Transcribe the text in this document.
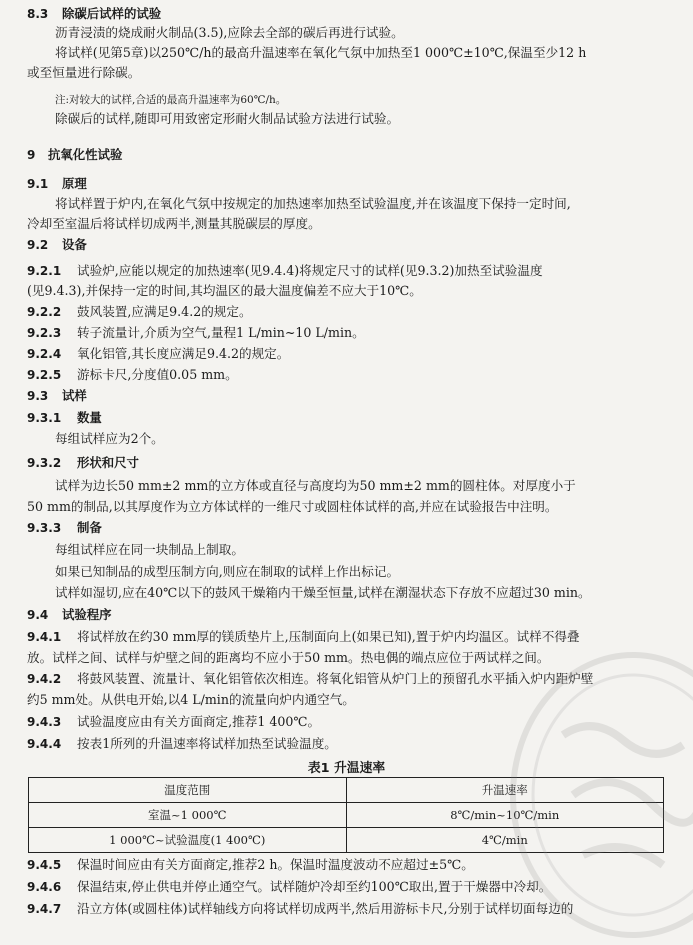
8.3 除碳后试样的试验
沥青浸渍的烧成耐火制品(3.5),应除去全部的碳后再进行试验。
将试样(见第5章)以250℃/h的最高升温速率在氧化气氛中加热至1 000℃±10℃,保温至少12 h
或至恒量进行除碳。
注:对较大的试样,合适的最高升温速率为60℃/h。
除碳后的试样,随即可用致密定形耐火制品试验方法进行试验。
9 抗氧化性试验
9.1 原理
将试样置于炉内,在氧化气氛中按规定的加热速率加热至试验温度,并在该温度下保持一定时间,
冷却至室温后将试样切成两半,测量其脱碳层的厚度。
9.2 设备
9.2.1 试验炉,应能以规定的加热速率(见9.4.4)将规定尺寸的试样(见9.3.2)加热至试验温度
(见9.4.3),并保持一定的时间,其均温区的最大温度偏差不应大于10℃。
9.2.2 鼓风装置,应满足9.4.2的规定。
9.2.3 转子流量计,介质为空气,量程1 L/min~10 L/min。
9.2.4 氧化铝管,其长度应满足9.4.2的规定。
9.2.5 游标卡尺,分度值0.05 mm。
9.3 试样
9.3.1 数量
每组试样应为2个。
9.3.2 形状和尺寸
试样为边长50 mm±2 mm的立方体或直径与高度均为50 mm±2 mm的圆柱体。对厚度小于
50 mm的制品,以其厚度作为立方体试样的一维尺寸或圆柱体试样的高,并应在试验报告中注明。
9.3.3 制备
每组试样应在同一块制品上制取。
如果已知制品的成型压制方向,则应在制取的试样上作出标记。
试样如湿切,应在40℃以下的鼓风干燥箱内干燥至恒量,试样在潮湿状态下存放不应超过30 min。
9.4 试验程序
9.4.1 将试样放在约30 mm厚的镁质垫片上,压制面向上(如果已知),置于炉内均温区。试样不得叠
放。试样之间、试样与炉壁之间的距离均不应小于50 mm。热电偶的端点应位于两试样之间。
9.4.2 将鼓风装置、流量计、氧化铝管依次相连。将氧化铝管从炉门上的预留孔水平插入炉内距炉壁
约5 mm处。从供电开始,以4 L/min的流量向炉内通空气。
9.4.3 试验温度应由有关方面商定,推荐1 400℃。
9.4.4 按表1所列的升温速率将试样加热至试验温度。
表1 升温速率
温度范围	升温速率
室温~1 000℃	8℃/min~10℃/min
1 000℃~试验温度(1 400℃)	4℃/min
9.4.5 保温时间应由有关方面商定,推荐2 h。保温时温度波动不应超过±5℃。
9.4.6 保温结束,停止供电并停止通空气。试样随炉冷却至约100℃取出,置于干燥器中冷却。
9.4.7 沿立方体(或圆柱体)试样轴线方向将试样切成两半,然后用游标卡尺,分别于试样切面每边的
